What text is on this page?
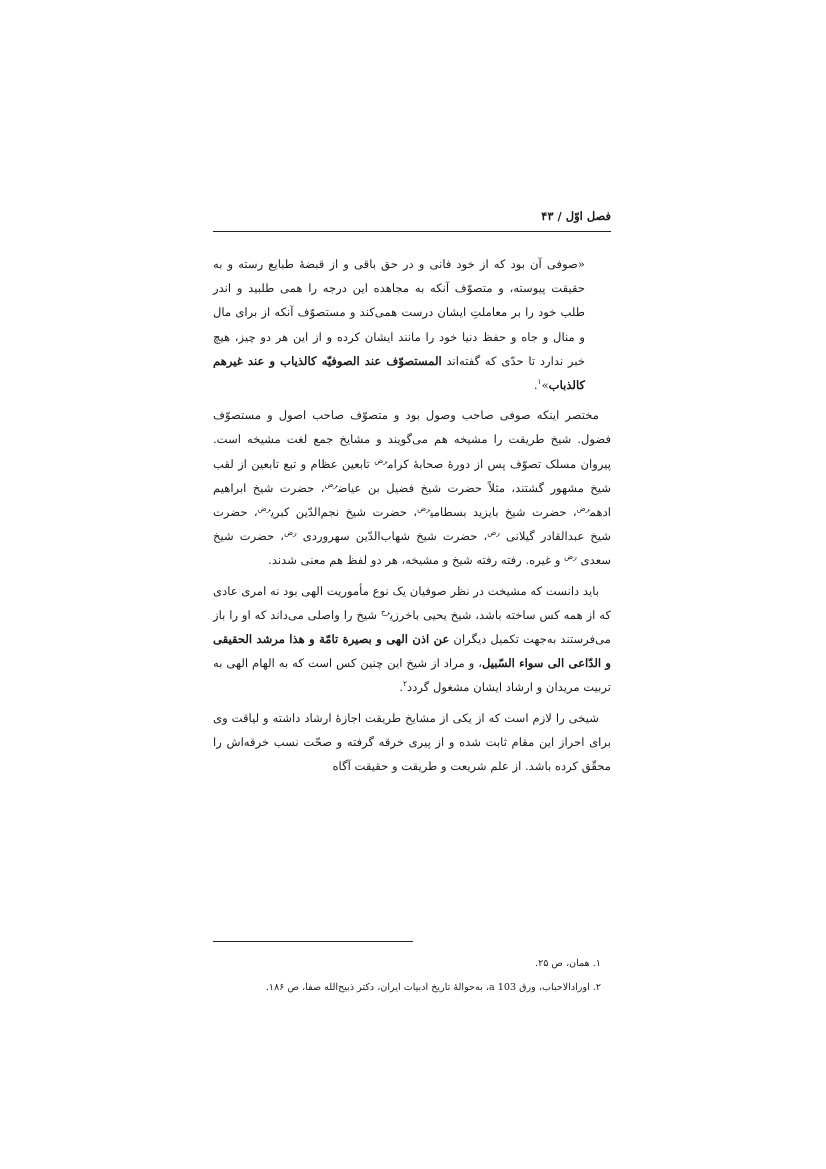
فصل اوّل / ۴۳

«صوفی آن بود که از خود فانی و در حق باقی و از قبضهٔ طبایع رسته و به حقیقت پیوسته، و متصوّف آنکه به مجاهده این درجه را همی طلبید و اندر طلب خود را بر معاملتِ ایشان درست همی‌کند و مستصوّف آنکه از برای مال و منال و جاه و حفظ دنیا خود را مانند ایشان کرده و از این هر دو چیز، هیچ خبر ندارد تا حدّی که گفته‌اند المستصوّف عند الصوفیّه کالذیاب و عند غیرهم کالذباب»$^۱$.

مختصر اینکه صوفی صاحب وصول بود و متصوّف صاحب اصول و مستصوّف فضول. شیخ طریقت را مشیخه هم می‌گویند و مشایخ جمع لغت مشیخه است. پیروان مسلک تصوّف پس از دورهٔ صحابهٔ کرام$^{رض}$ تابعین عظام و تبع تابعین از لقب شیخ مشهور گشتند، مثلاً حضرت شیخ فضیل بن عیاض$^{رض}$، حضرت شیخ ابراهیم ادهم$^{رض}$، حضرت شیخ بایزید بسطامی$^{رض}$، حضرت شیخ نجم‌الدّین کبری$^{رض}$، حضرت شیخ عبدالقادر گیلانی $^{رض}$، حضرت شیخ شهاب‌الدّین سهروردی $^{رض}$، حضرت شیخ سعدی $^{رض}$ و غیره. رفته رفته شیخ و مشیخه، هر دو لفظ هم معنی شدند.

باید دانست که مشیخت در نظر صوفیان یک نوع مأموریت الهی بود نه امری عادی که از همه کس ساخته باشد، شیخ یحیی باخرزی$^{رح}$ شیخ را واصلی می‌داند که او را باز می‌فرستند به‌جهت تکمیل دیگران عن اذن الهی و بصیرة تامّة و هذا مرشد الحقیقی و الدّاعی الی سواء السّبیل، و مراد از شیخ این چنین کس است که به الهام الهی به تربیت مریدان و ارشاد ایشان مشغول گردد$^۲$.

شیخی را لازم است که از یکی از مشایخ طریقت اجازهٔ ارشاد داشته و لیاقت وی برای احراز این مقام ثابت شده و از پیری خرقه گرفته و صحّت نسب خرقه‌اش را محقّق کرده باشد. از علم شریعت و طریقت و حقیقت آگاه

۱. همان، ص ۲۵.
۲. اورادالاحباب، ورق 103 a، به‌حوالهٔ تاریخ ادبیات ایران، دکتر ذبیح‌الله صفا، ص ۱۸۶.
